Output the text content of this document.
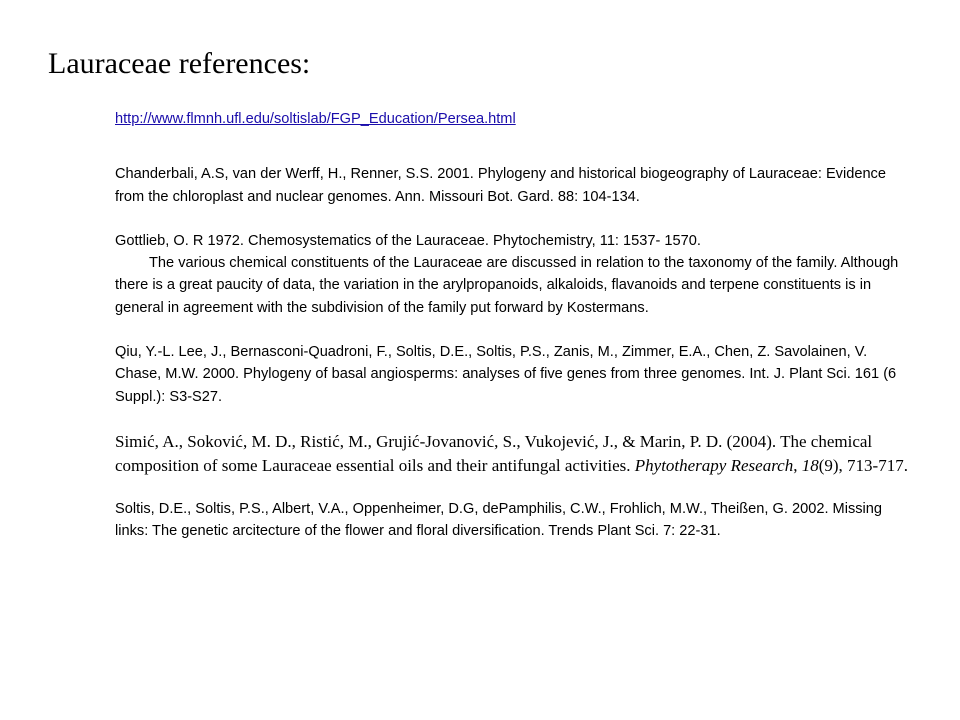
Lauraceae references:
http://www.flmnh.ufl.edu/soltislab/FGP_Education/Persea.html

Chanderbali, A.S, van der Werff, H., Renner, S.S. 2001. Phylogeny and historical biogeography of Lauraceae: Evidence from the chloroplast and nuclear genomes. Ann. Missouri Bot. Gard. 88: 104-134.

Gottlieb, O. R 1972. Chemosystematics of the Lauraceae. Phytochemistry, 11: 1537- 1570.

The various chemical constituents of the Lauraceae are discussed in relation to the taxonomy of the family. Although there is a great paucity of data, the variation in the arylpropanoids, alkaloids, flavanoids and terpene constituents is in general in agreement with the subdivision of the family put forward by Kostermans.

Qiu, Y.-L. Lee, J., Bernasconi-Quadroni, F., Soltis, D.E., Soltis, P.S., Zanis, M., Zimmer, E.A., Chen, Z. Savolainen, V. Chase, M.W. 2000. Phylogeny of basal angiosperms: analyses of five genes from three genomes. Int. J. Plant Sci. 161 (6 Suppl.): S3-S27.

Simić, A., Soković, M. D., Ristić, M., Grujić-Jovanović, S., Vukojević, J., & Marin, P. D. (2004). The chemical composition of some Lauraceae essential oils and their antifungal activities. Phytotherapy Research, 18(9), 713-717.

Soltis, D.E., Soltis, P.S., Albert, V.A., Oppenheimer, D.G, dePamphilis, C.W., Frohlich, M.W., Theißen, G. 2002. Missing links: The genetic arcitecture of the flower and floral diversification. Trends Plant Sci. 7: 22-31.
